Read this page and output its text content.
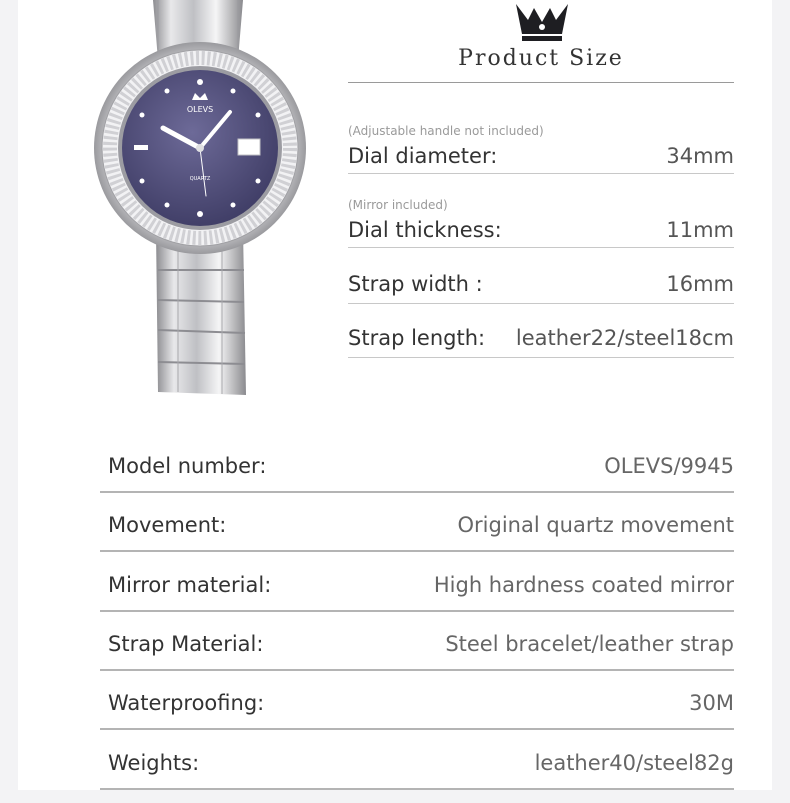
OLEVS
QUARTZ
Product Size
(Adjustable handle not included)
Dial diameter:	34mm
(Mirror included)
Dial thickness:	11mm
Strap width :	16mm
Strap length: leather22/steel18cm
Model number:	OLEVS/9945
Movement:	Original quartz movement
Mirror material:	High hardness coated mirror
Strap Material:	Steel bracelet/leather strap
Waterproofing:	30M
Weights:	leather40/steel82g
